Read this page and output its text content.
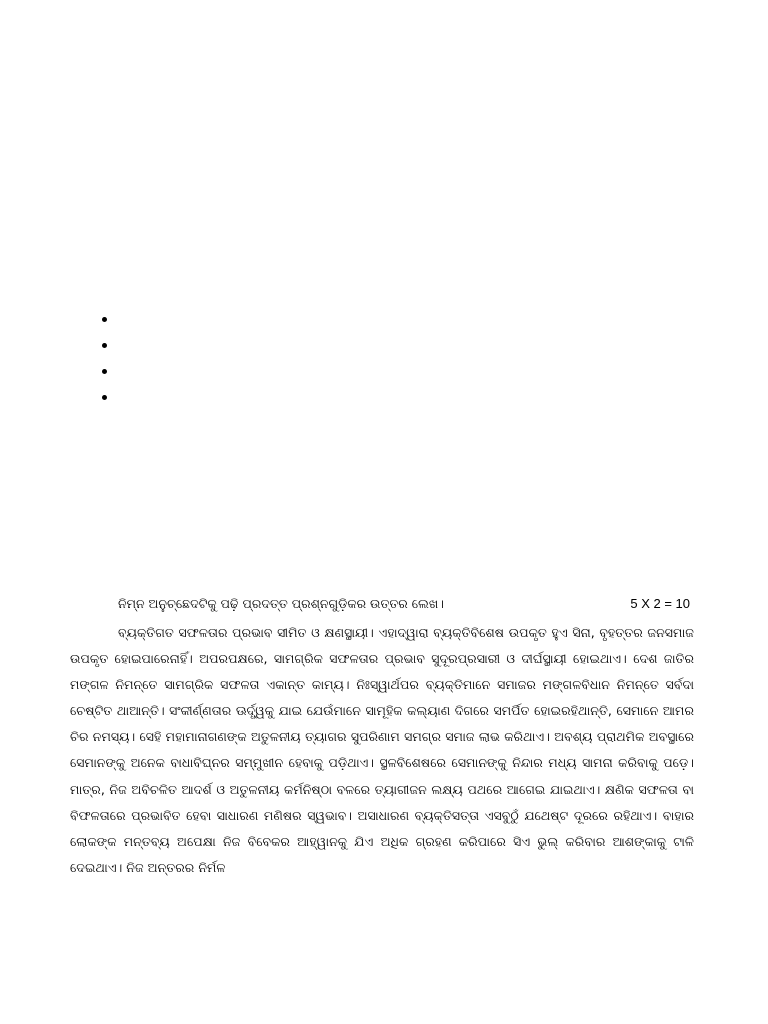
ନିମ୍ନ ଅନୁଚ୍ଛେଦଟିକୁ ପଢ଼ି ପ୍ରଦତ୍ତ ପ୍ରଶ୍ନଗୁଡ଼ିକର ଉତ୍ତର ଲେଖ।	5 X 2 = 10

ବ୍ୟକ୍ତିଗତ ସଫଳତାର ପ୍ରଭାବ ସୀମିତ ଓ କ୍ଷଣସ୍ଥାୟୀ। ଏହାଦ୍ୱାରା ବ୍ୟକ୍ତିବିଶେଷ ଉପକୃତ ହୁଏ ସିନା, ବୃହତ୍ତର ଜନସମାଜ ଉପକୃତ ହୋଇପାରେନାହିଁ। ଅପରପକ୍ଷରେ, ସାମଗ୍ରିକ ସଫଳତାର ପ୍ରଭାବ ସୁଦୂରପ୍ରସାରୀ ଓ ଦୀର୍ଘସ୍ଥାୟୀ ହୋଇଥାଏ। ଦେଶ ଜାତିର ମଙ୍ଗଳ ନିମନ୍ତେ ସାମଗ୍ରିକ ସଫଳତା ଏକାନ୍ତ କାମ୍ୟ। ନିଃସ୍ୱାର୍ଥପର ବ୍ୟକ୍ତିମାନେ ସମାଜର ମଙ୍ଗଳବିଧାନ ନିମନ୍ତେ ସର୍ବଦା ଚେଷ୍ଟିତ ଥାଆନ୍ତି। ସଂକୀର୍ଣ୍ଣତାର ଊର୍ଦ୍ଧ୍ୱକୁ ଯାଇ ଯେଉଁମାନେ ସାମୂହିକ କଲ୍ୟାଣ ଦିଗରେ ସମର୍ପିତ ହୋଇରହିଥାନ୍ତି, ସେମାନେ ଆମର ଚିର ନମସ୍ୟ। ସେହି ମହାମାନାଗଣଙ୍କ ଅତୁଳନୀୟ ତ୍ୟାଗର ସୁପରିଣାମ ସମଗ୍ର ସମାଜ ଲାଭ କରିଥାଏ। ଅବଶ୍ୟ ପ୍ରାଥମିକ ଅବସ୍ଥାରେ ସେମାନଙ୍କୁ ଅନେକ ବାଧାବିଘ୍ନର ସମ୍ମୁଖୀନ ହେବାକୁ ପଡ଼ିଥାଏ। ସ୍ଥଳବିଶେଷରେ ସେମାନଙ୍କୁ ନିନ୍ଦାର ମଧ୍ୟ ସାମନା କରିବାକୁ ପଡ଼େ। ମାତ୍ର, ନିଜ ଅବିଚଳିତ ଆଦର୍ଶ ଓ ଅତୁଳନୀୟ କର୍ମନିଷ୍ଠା ବଳରେ ତ୍ୟାଗୀଜନ ଲକ୍ଷ୍ୟ ପଥରେ ଆଗେଇ ଯାଇଥାଏ। କ୍ଷଣିକ ସଫଳତା ବା ବିଫଳତାରେ ପ୍ରଭାବିତ ହେବା ସାଧାରଣ ମଣିଷର ସ୍ୱଭାବ। ଅସାଧାରଣ ବ୍ୟକ୍ତିସତ୍ତା ଏସବୁଠୁଁ ଯଥେଷ୍ଟ ଦୂରରେ ରହିଥାଏ। ବାହାର ଲୋକଙ୍କ ମନ୍ତବ୍ୟ ଅପେକ୍ଷା ନିଜ ବିବେକର ଆହ୍ୱାନକୁ ଯିଏ ଅଧିକ ଗ୍ରହଣ କରିପାରେ ସିଏ ଭୁଲ୍ କରିବାର ଆଶଙ୍କାକୁ ଟାଳି ଦେଇଥାଏ। ନିଜ ଅନ୍ତରର ନିର୍ମଳ
